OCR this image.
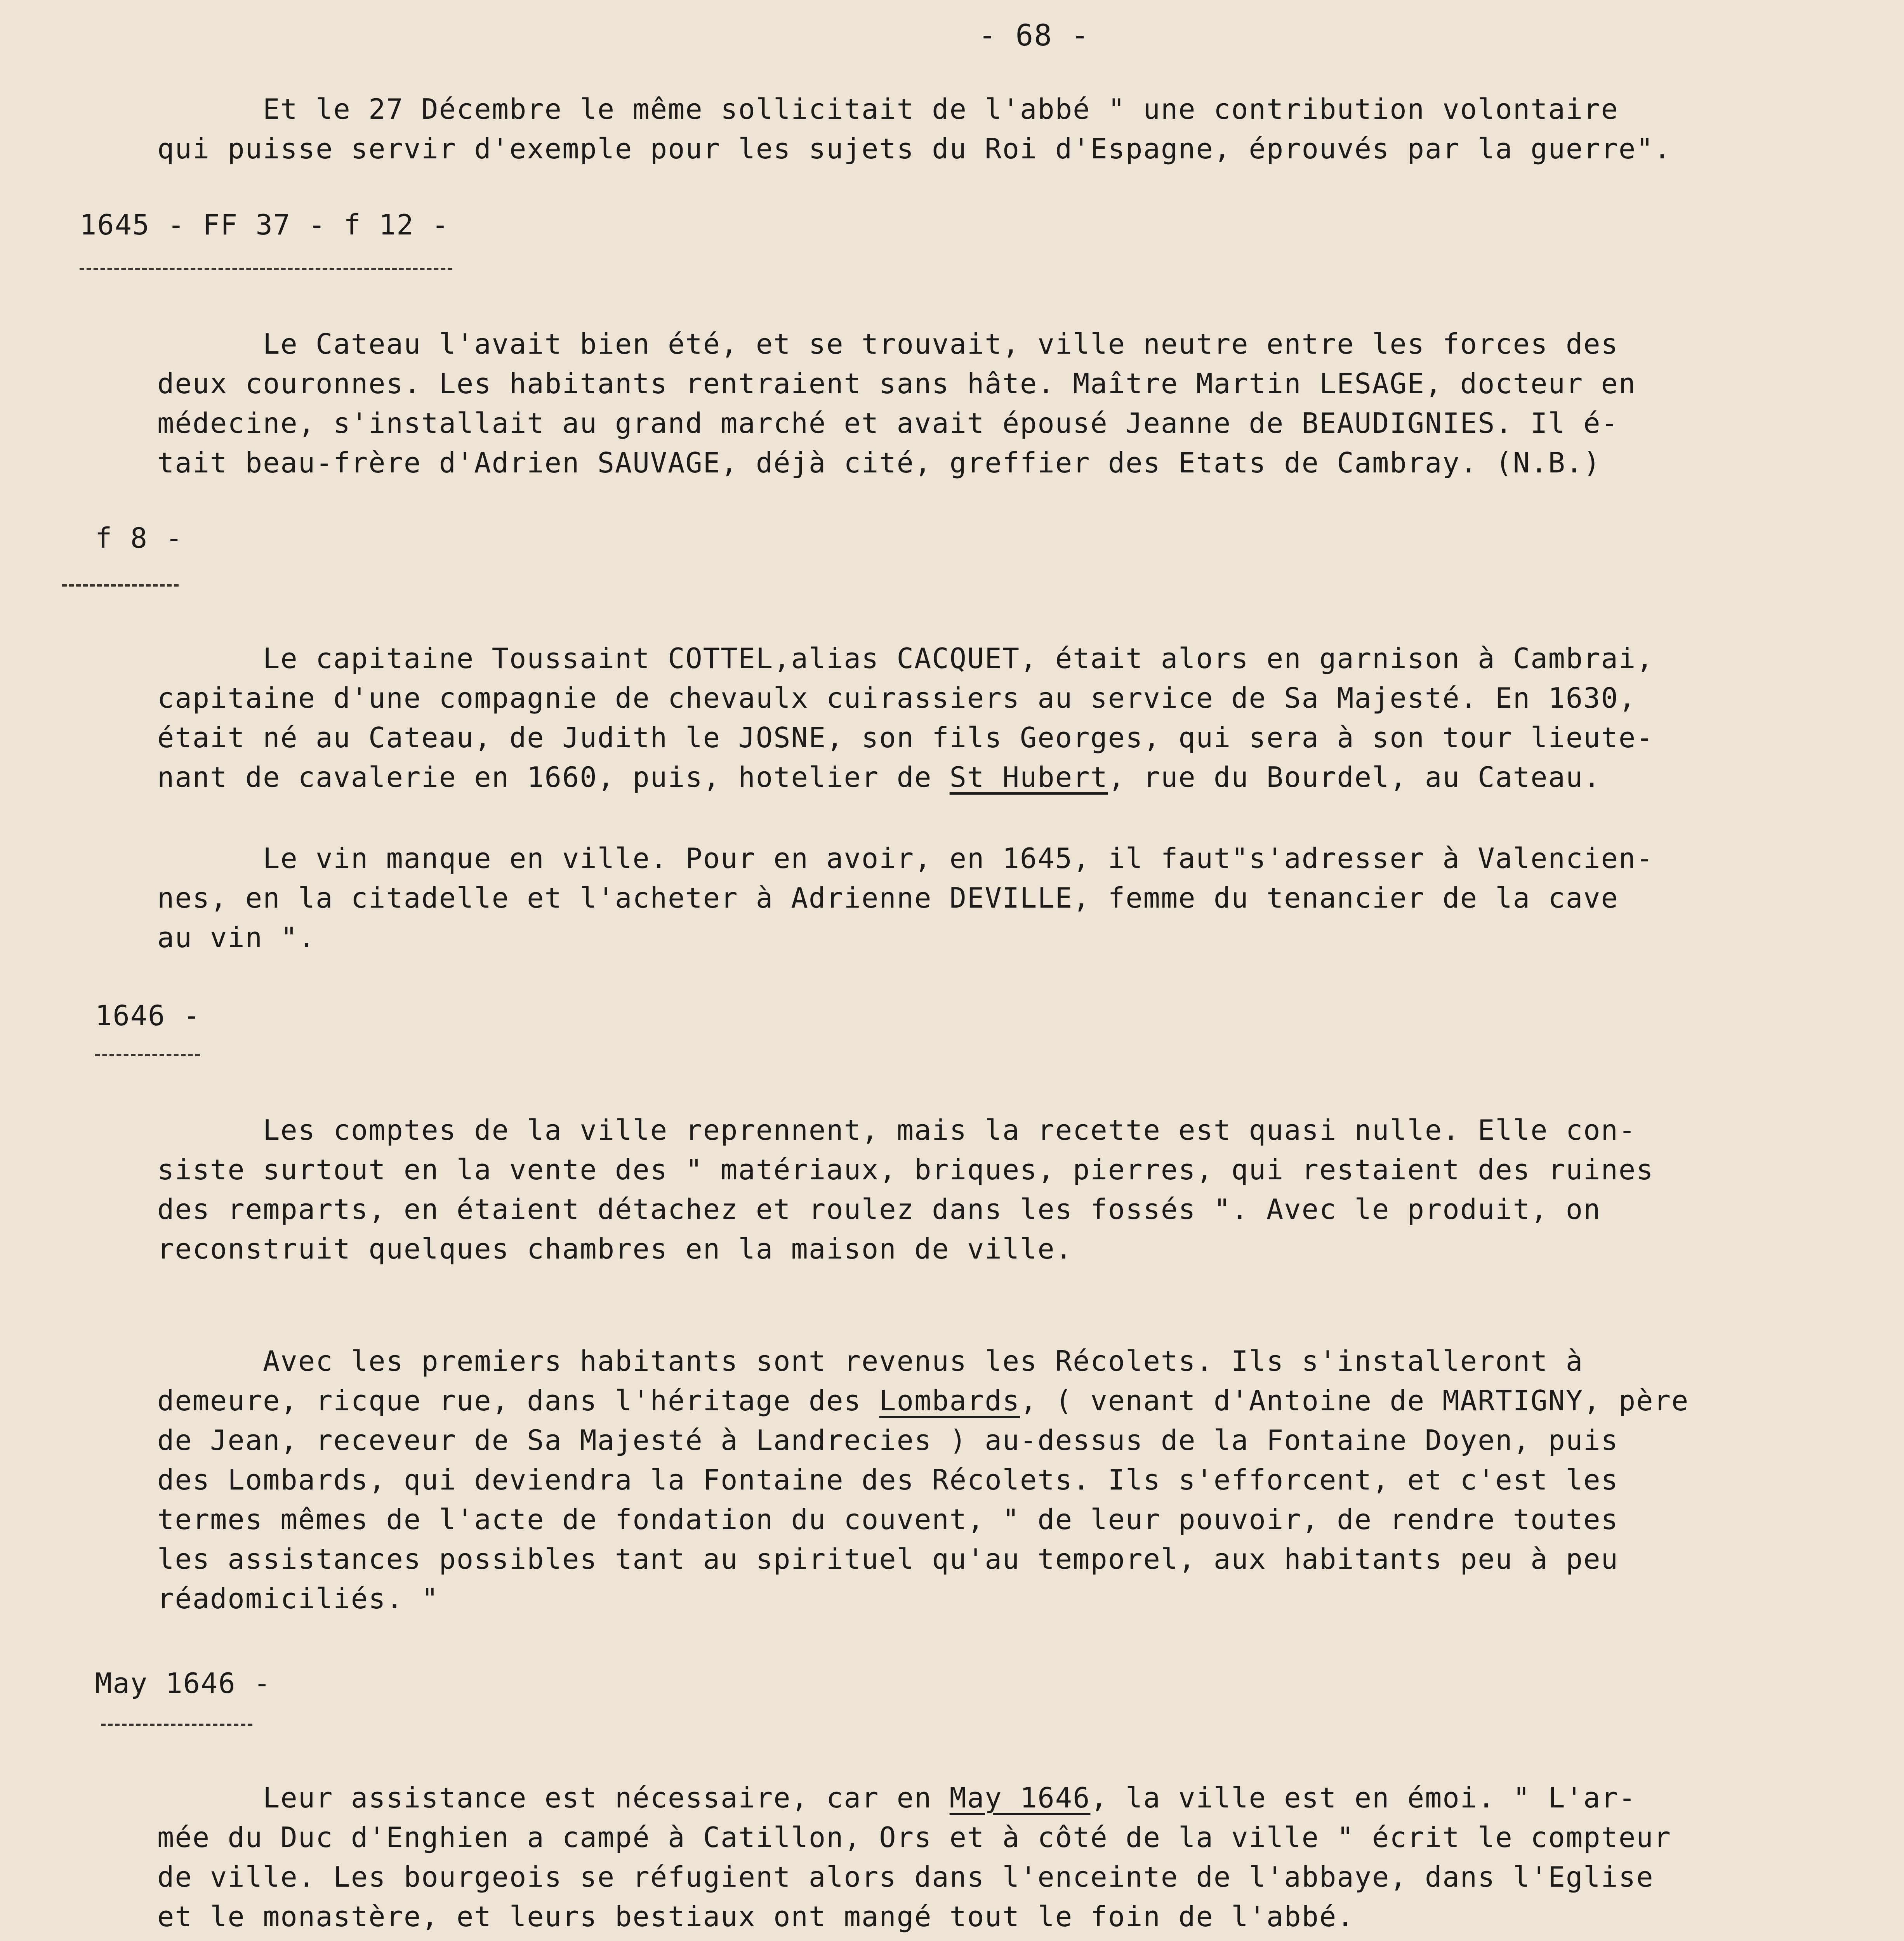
- 68 -
Et le 27 Décembre le même sollicitait de l'abbé " une contribution volontaire
qui puisse servir d'exemple pour les sujets du Roi d'Espagne, éprouvés par la guerre".
1645 - FF 37 - f 12 -
Le Cateau l'avait bien été, et se trouvait, ville neutre entre les forces des
deux couronnes. Les habitants rentraient sans hâte. Maître Martin LESAGE, docteur en
médecine, s'installait au grand marché et avait épousé Jeanne de BEAUDIGNIES. Il é-
tait beau-frère d'Adrien SAUVAGE, déjà cité, greffier des Etats de Cambray. (N.B.)
f 8 -
Le capitaine Toussaint COTTEL,alias CACQUET, était alors en garnison à Cambrai,
capitaine d'une compagnie de chevaulx cuirassiers au service de Sa Majesté. En 1630,
était né au Cateau, de Judith le JOSNE, son fils Georges, qui sera à son tour lieute-
nant de cavalerie en 1660, puis, hotelier de St Hubert, rue du Bourdel, au Cateau.
Le vin manque en ville. Pour en avoir, en 1645, il faut"s'adresser à Valencien-
nes, en la citadelle et l'acheter à Adrienne DEVILLE, femme du tenancier de la cave
au vin ".
1646 -
Les comptes de la ville reprennent, mais la recette est quasi nulle. Elle con-
siste surtout en la vente des " matériaux, briques, pierres, qui restaient des ruines
des remparts, en étaient détachez et roulez dans les fossés ". Avec le produit, on
reconstruit quelques chambres en la maison de ville.
Avec les premiers habitants sont revenus les Récolets. Ils s'installeront à
demeure, ricque rue, dans l'héritage des Lombards, ( venant d'Antoine de MARTIGNY, père
de Jean, receveur de Sa Majesté à Landrecies ) au-dessus de la Fontaine Doyen, puis
des Lombards, qui deviendra la Fontaine des Récolets. Ils s'efforcent, et c'est les
termes mêmes de l'acte de fondation du couvent, " de leur pouvoir, de rendre toutes
les assistances possibles tant au spirituel qu'au temporel, aux habitants peu à peu
réadomiciliés. "
May 1646 -
Leur assistance est nécessaire, car en May 1646, la ville est en émoi. " L'ar-
mée du Duc d'Enghien a campé à Catillon, Ors et à côté de la ville " écrit le compteur
de ville. Les bourgeois se réfugient alors dans l'enceinte de l'abbaye, dans l'Eglise
et le monastère, et leurs bestiaux ont mangé tout le foin de l'abbé.
